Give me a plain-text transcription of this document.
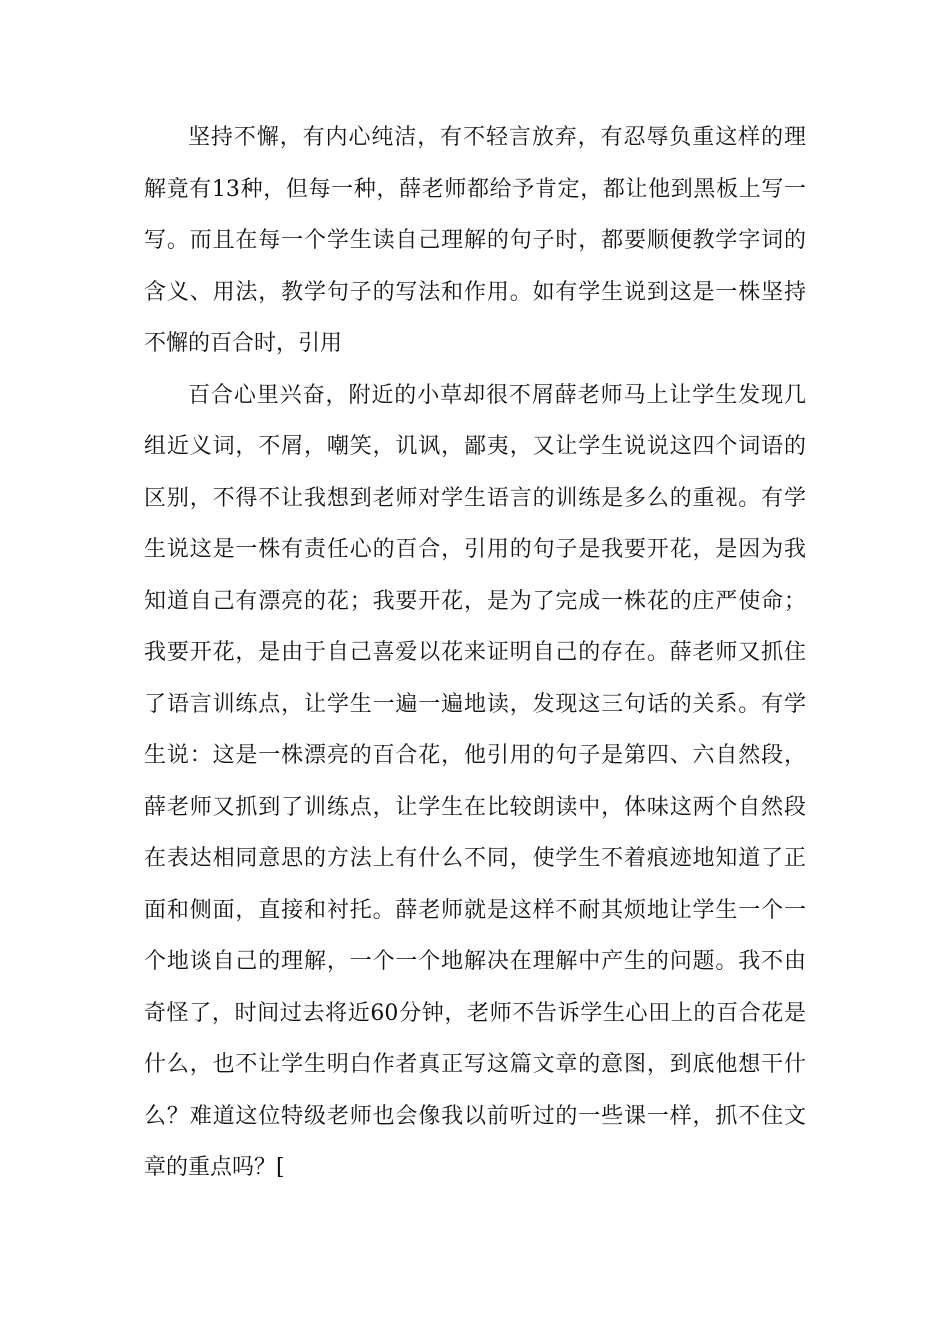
坚持不懈，有内心纯洁，有不轻言放弃，有忍辱负重这样的理
解竟有13种，但每一种，薛老师都给予肯定，都让他到黑板上写一
写。而且在每一个学生读自己理解的句子时，都要顺便教学字词的
含义、用法，教学句子的写法和作用。如有学生说到这是一株坚持
不懈的百合时，引用
百合心里兴奋，附近的小草却很不屑薛老师马上让学生发现几
组近义词，不屑，嘲笑，讥讽，鄙夷，又让学生说说这四个词语的
区别，不得不让我想到老师对学生语言的训练是多么的重视。有学
生说这是一株有责任心的百合，引用的句子是我要开花，是因为我
知道自己有漂亮的花；我要开花，是为了完成一株花的庄严使命；
我要开花，是由于自己喜爱以花来证明自己的存在。薛老师又抓住
了语言训练点，让学生一遍一遍地读，发现这三句话的关系。有学
生说：这是一株漂亮的百合花，他引用的句子是第四、六自然段，
薛老师又抓到了训练点，让学生在比较朗读中，体味这两个自然段
在表达相同意思的方法上有什么不同，使学生不着痕迹地知道了正
面和侧面，直接和衬托。薛老师就是这样不耐其烦地让学生一个一
个地谈自己的理解，一个一个地解决在理解中产生的问题。我不由
奇怪了，时间过去将近60分钟，老师不告诉学生心田上的百合花是
什么，也不让学生明白作者真正写这篇文章的意图，到底他想干什
么？难道这位特级老师也会像我以前听过的一些课一样，抓不住文
章的重点吗？[
